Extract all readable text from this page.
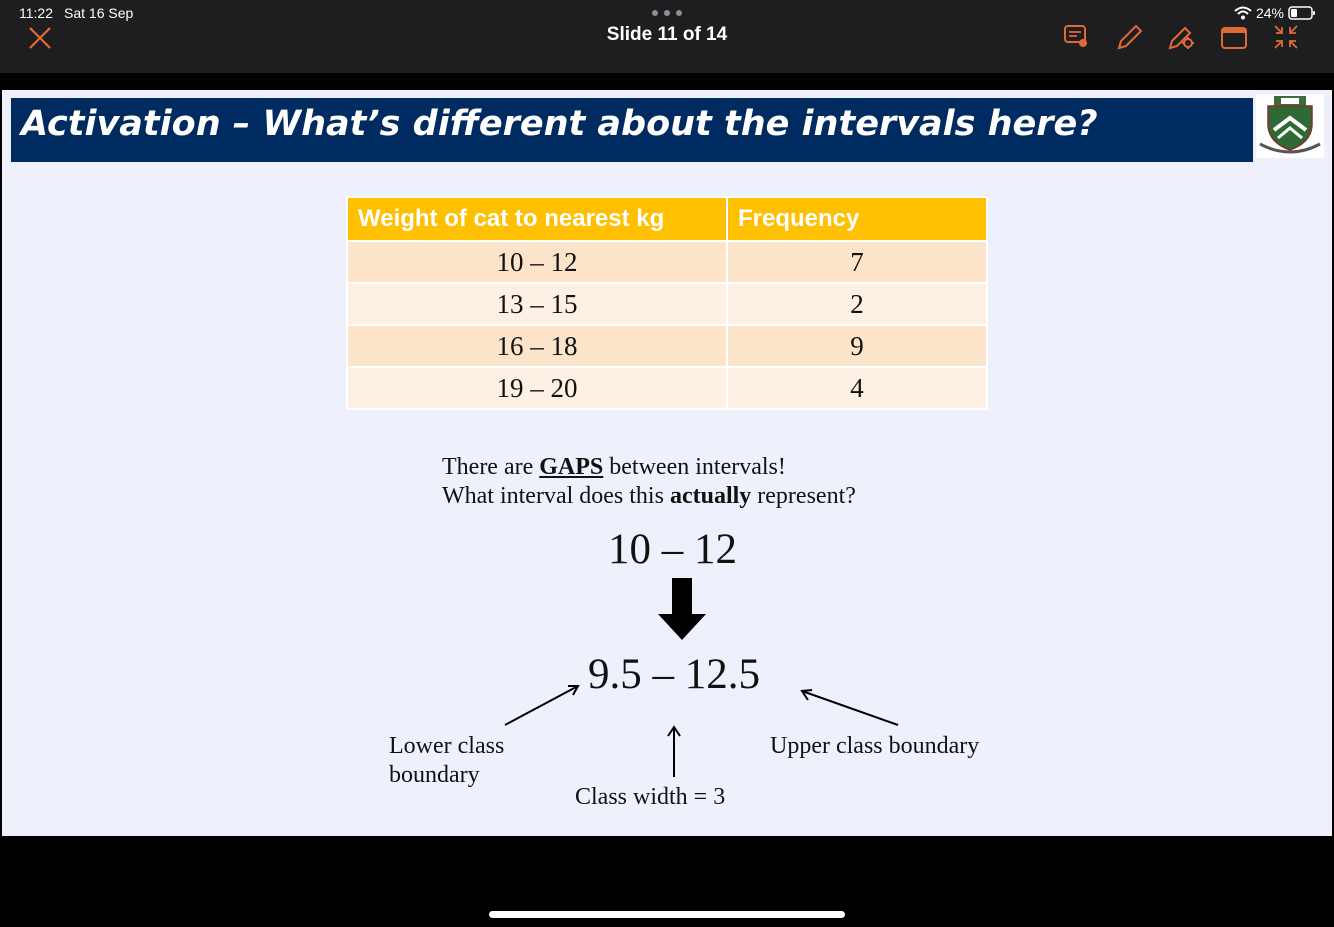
11:22 Sat 16 Sep	24%
Slide 11 of 14
Activation – What’s different about the intervals here?
Weight of cat to nearest kg	Frequency
10 – 12	7
13 – 15	2
16 – 18	9
19 – 20	4
There are GAPS between intervals!
What interval does this actually represent?
10 – 12
9.5 – 12.5
Lower class
boundary
Upper class boundary
Class width = 3
